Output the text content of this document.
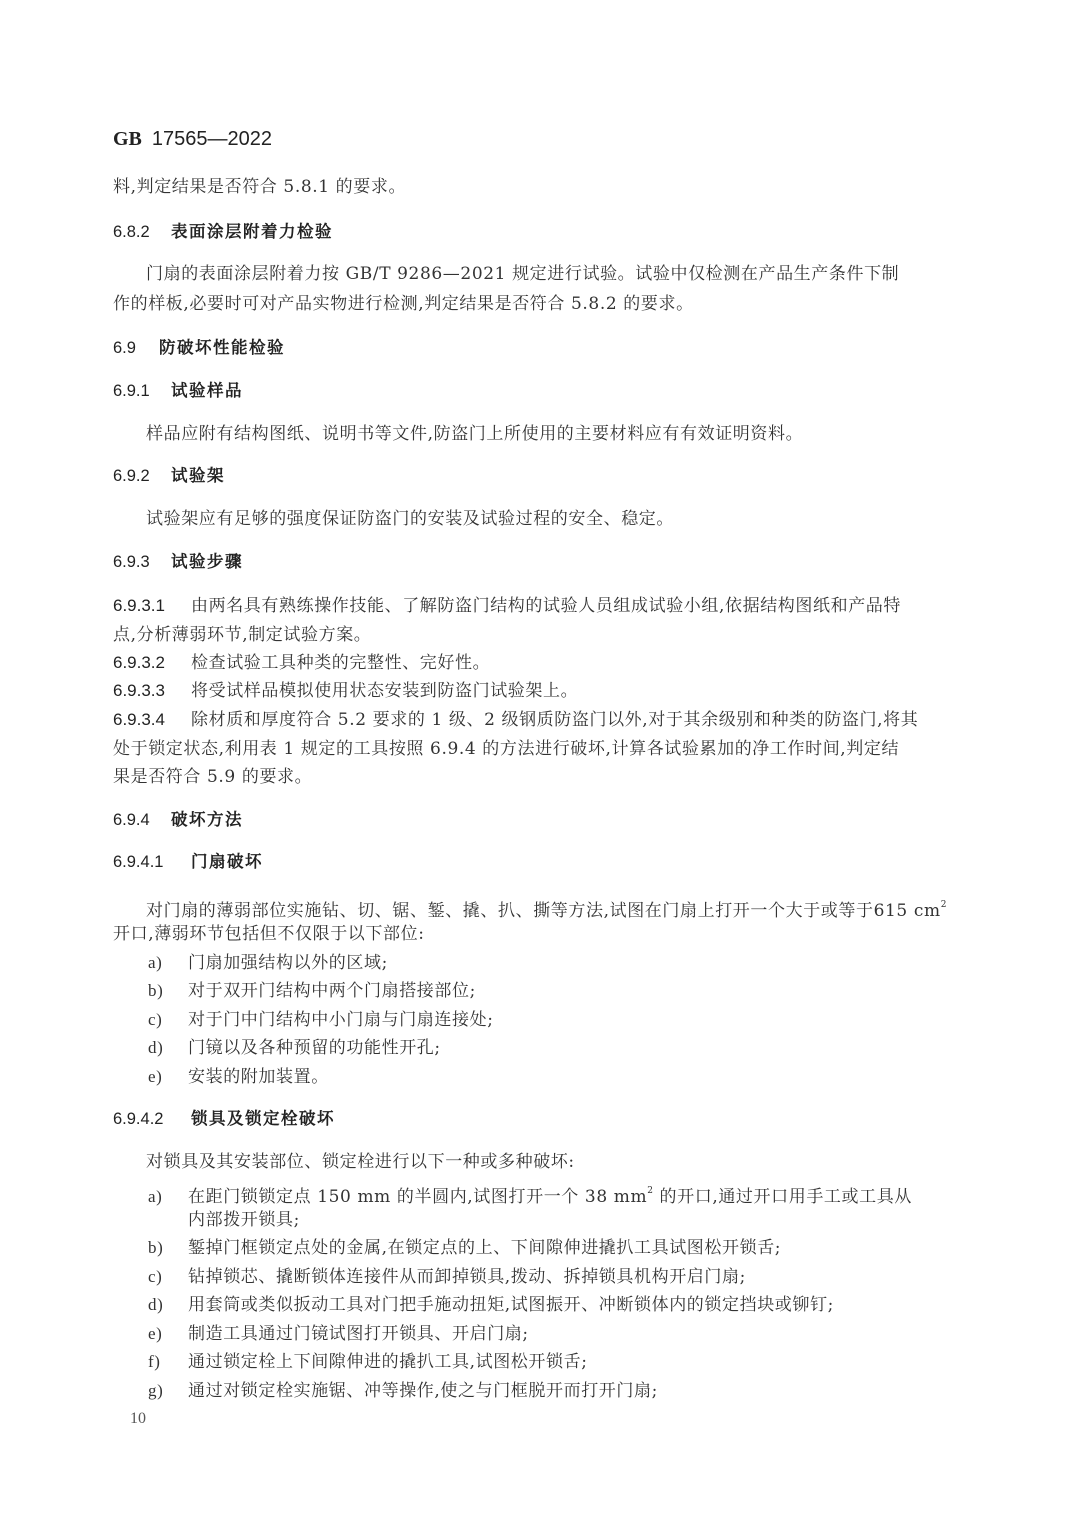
GB 17565—2022
料,判定结果是否符合 5.8.1 的要求。
6.8.2 表面涂层附着力检验
门扇的表面涂层附着力按 GB/T 9286—2021 规定进行试验。试验中仅检测在产品生产条件下制
作的样板,必要时可对产品实物进行检测,判定结果是否符合 5.8.2 的要求。
6.9 防破坏性能检验
6.9.1 试验样品
样品应附有结构图纸、说明书等文件,防盗门上所使用的主要材料应有有效证明资料。
6.9.2 试验架
试验架应有足够的强度保证防盗门的安装及试验过程的安全、稳定。
6.9.3 试验步骤
6.9.3.1 由两名具有熟练操作技能、了解防盗门结构的试验人员组成试验小组,依据结构图纸和产品特
点,分析薄弱环节,制定试验方案。
6.9.3.2 检查试验工具种类的完整性、完好性。
6.9.3.3 将受试样品模拟使用状态安装到防盗门试验架上。
6.9.3.4 除材质和厚度符合 5.2 要求的 1 级、2 级钢质防盗门以外,对于其余级别和种类的防盗门,将其
处于锁定状态,利用表 1 规定的工具按照 6.9.4 的方法进行破坏,计算各试验累加的净工作时间,判定结
果是否符合 5.9 的要求。
6.9.4 破坏方法
6.9.4.1 门扇破坏
对门扇的薄弱部位实施钻、切、锯、錾、撬、扒、撕等方法,试图在门扇上打开一个大于或等于615 $cm^2$
开口,薄弱环节包括但不仅限于以下部位:
a) 门扇加强结构以外的区域;
b) 对于双开门结构中两个门扇搭接部位;
c) 对于门中门结构中小门扇与门扇连接处;
d) 门镜以及各种预留的功能性开孔;
e) 安装的附加装置。
6.9.4.2 锁具及锁定栓破坏
对锁具及其安装部位、锁定栓进行以下一种或多种破坏:
a) 在距门锁锁定点 150 mm 的半圆内,试图打开一个 38 $mm^2$ 的开口,通过开口用手工或工具从
内部拨开锁具;
b) 錾掉门框锁定点处的金属,在锁定点的上、下间隙伸进撬扒工具试图松开锁舌;
c) 钻掉锁芯、撬断锁体连接件从而卸掉锁具,拨动、拆掉锁具机构开启门扇;
d) 用套筒或类似扳动工具对门把手施动扭矩,试图振开、冲断锁体内的锁定挡块或铆钉;
e) 制造工具通过门镜试图打开锁具、开启门扇;
f) 通过锁定栓上下间隙伸进的撬扒工具,试图松开锁舌;
g) 通过对锁定栓实施锯、冲等操作,使之与门框脱开而打开门扇;
10
